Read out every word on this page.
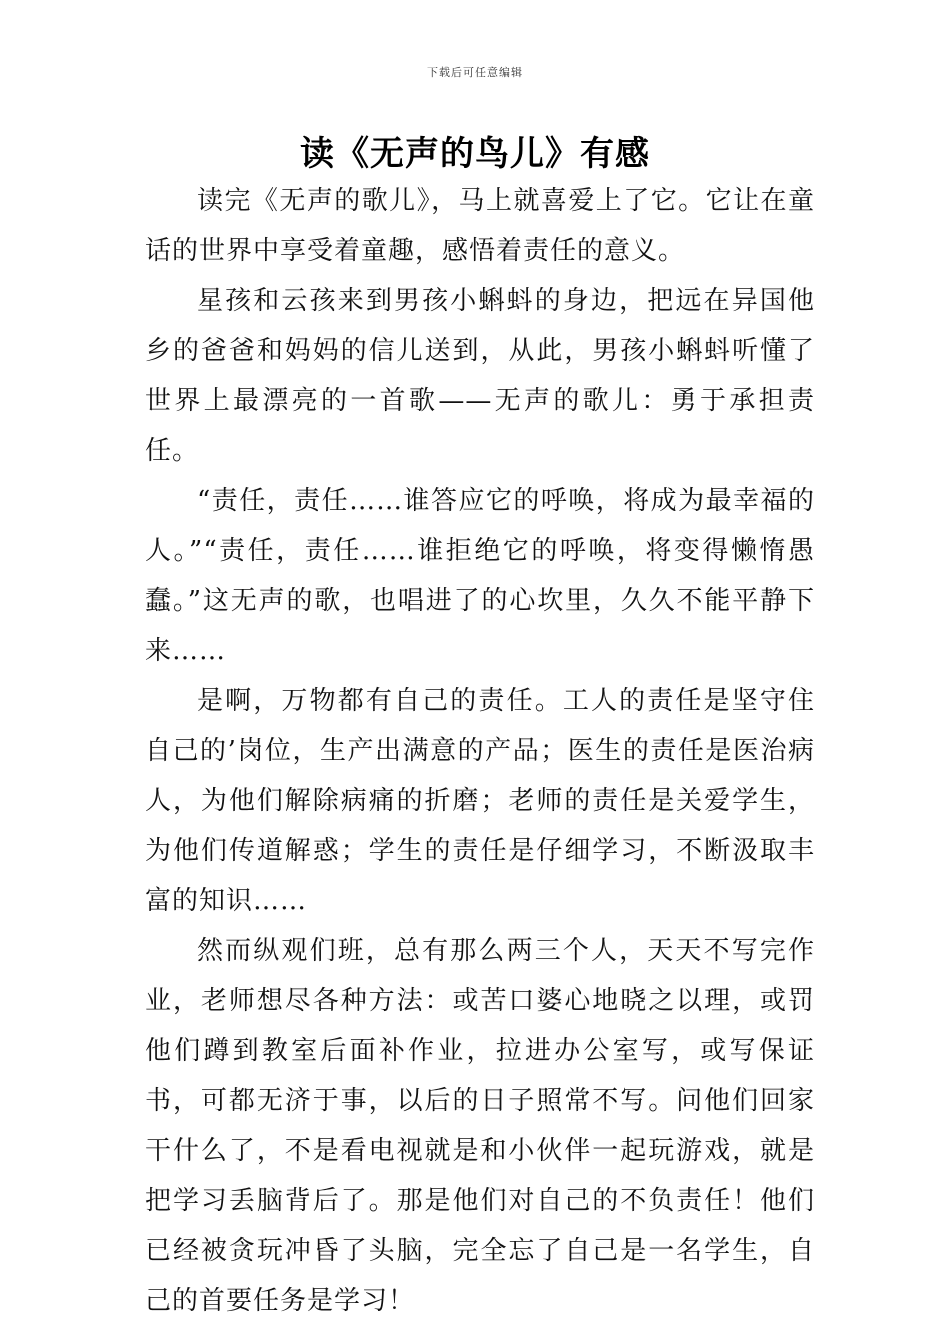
下载后可任意编辑
读《无声的鸟儿》有感

读完《无声的歌儿》，马上就喜爱上了它。它让在童话的世界中享受着童趣，感悟着责任的意义。

星孩和云孩来到男孩小蝌蚪的身边，把远在异国他乡的爸爸和妈妈的信儿送到，从此，男孩小蝌蚪听懂了世界上最漂亮的一首歌——无声的歌儿：勇于承担责任。

“责任，责任……谁答应它的呼唤，将成为最幸福的人。”“责任，责任……谁拒绝它的呼唤，将变得懒惰愚蠢。”这无声的歌，也唱进了的心坎里，久久不能平静下来……

是啊，万物都有自己的责任。工人的责任是坚守住自己的’岗位，生产出满意的产品；医生的责任是医治病人，为他们解除病痛的折磨；老师的责任是关爱学生，为他们传道解惑；学生的责任是仔细学习，不断汲取丰富的知识……

然而纵观们班，总有那么两三个人，天天不写完作业，老师想尽各种方法：或苦口婆心地晓之以理，或罚他们蹲到教室后面补作业，拉进办公室写，或写保证书，可都无济于事，以后的日子照常不写。问他们回家干什么了，不是看电视就是和小伙伴一起玩游戏，就是把学习丢脑背后了。那是他们对自己的不负责任！他们已经被贪玩冲昏了头脑，完全忘了自己是一名学生，自己的首要任务是学习！
